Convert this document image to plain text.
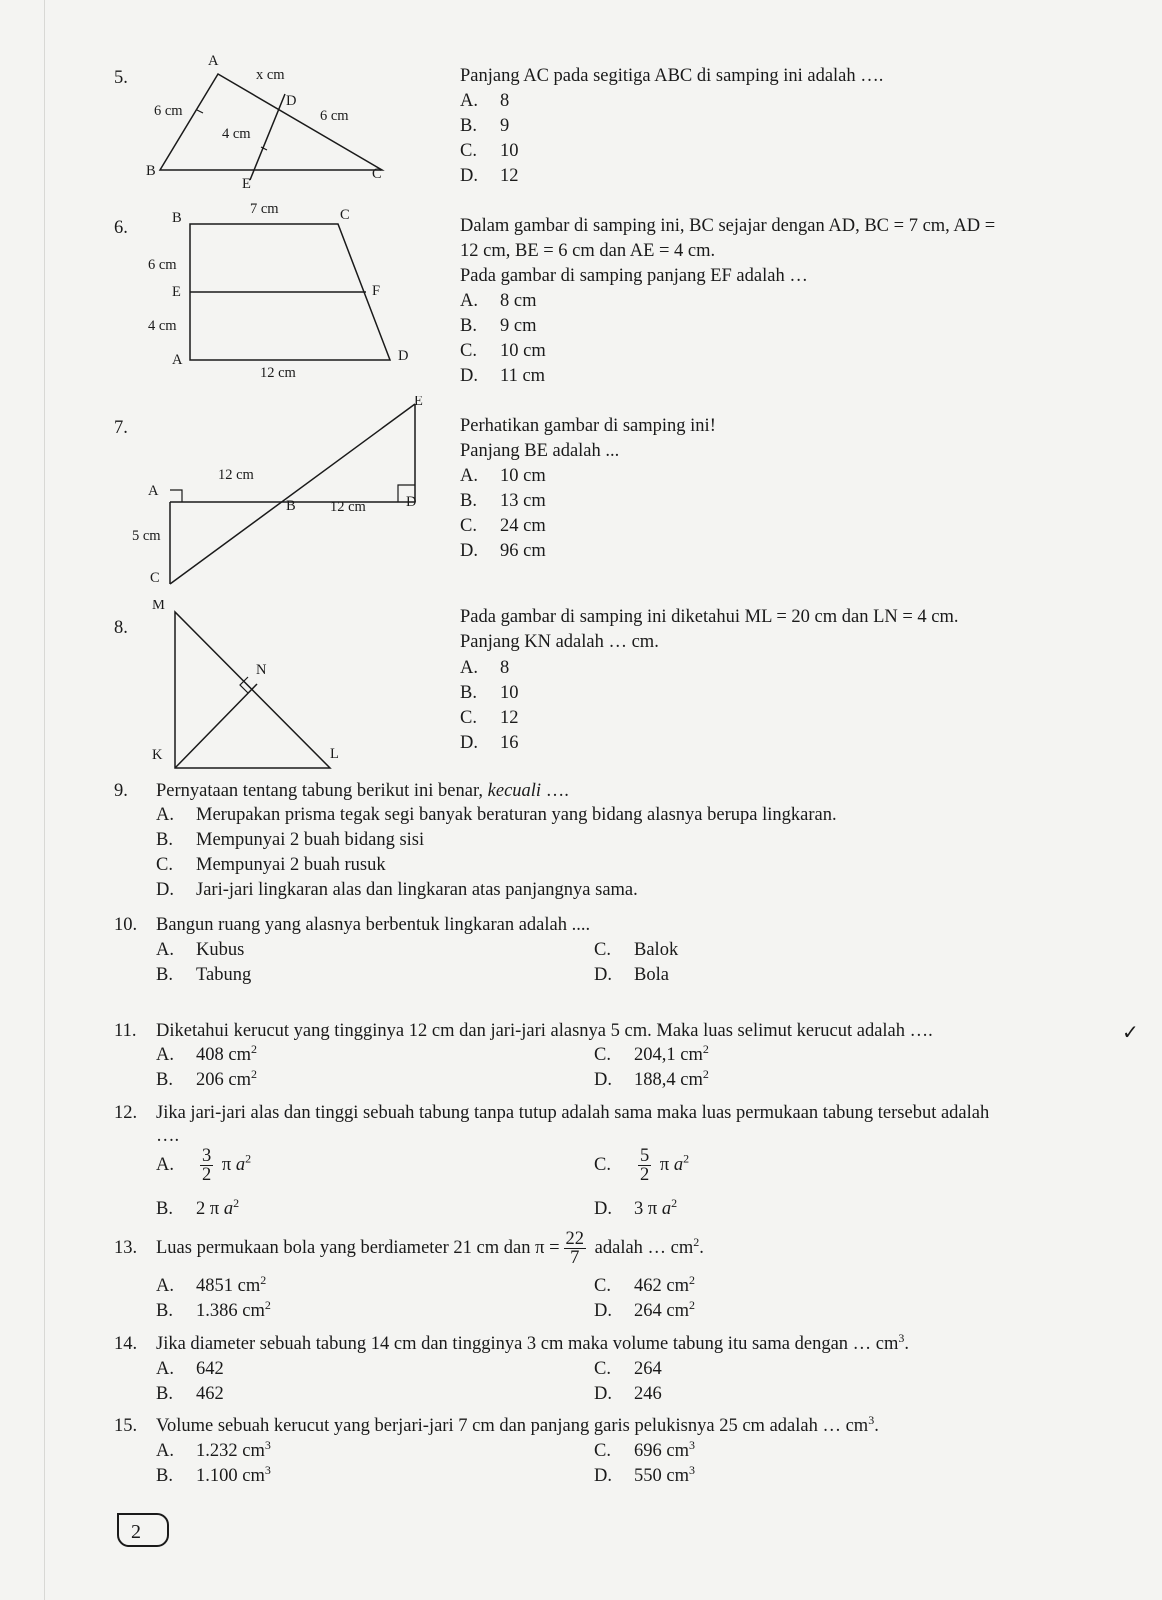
5.
A
B	C
D
E
6 cm
x cm
6 cm
4 cm
Panjang AC pada segitiga ABC di samping ini adalah ….
A. 8
B. 9
C. 10
D. 12
6.	B	C
E	F
A	D
7 cm
6 cm
4 cm
12 cm
Dalam gambar di samping ini, BC sejajar dengan AD, BC = 7 cm, AD =
12 cm, BE = 6 cm dan AE = 4 cm.
Pada gambar di samping panjang EF adalah …
A. 8 cm
B. 9 cm
C. 10 cm
D. 11 cm
7.
A
B
C
D
E
12 cm
12 cm
5 cm
Perhatikan gambar di samping ini!
Panjang BE adalah ...
A. 10 cm
B. 13 cm
C. 24 cm
D. 96 cm
8.
M
N
K	L
Pada gambar di samping ini diketahui ML = 20 cm dan LN = 4 cm.
Panjang KN adalah … cm.
A. 8
B. 10
C. 12
D. 16
9. Pernyataan tentang tabung berikut ini benar, kecuali ….
A. Merupakan prisma tegak segi banyak beraturan yang bidang alasnya berupa lingkaran.
B. Mempunyai 2 buah bidang sisi
C. Mempunyai 2 buah rusuk
D. Jari-jari lingkaran alas dan lingkaran atas panjangnya sama.
10. Bangun ruang yang alasnya berbentuk lingkaran adalah ....
A. Kubus
B. Tabung
C. Balok
D. Bola
11. Diketahui kerucut yang tingginya 12 cm dan jari-jari alasnya 5 cm. Maka luas selimut kerucut adalah ….
A. 408 $cm^2$
B. 206 $cm^2$
C. 204,1 $cm^2$
D. 188,4 $cm^2$
✓
12. Jika jari-jari alas dan tinggi sebuah tabung tanpa tutup adalah sama maka luas permukaan tabung tersebut adalah
….
A. $\frac{3}{2}$ π $a^2$
B. 2 π $a^2$
C. $\frac{5}{2}$ π $a^2$
D. 3 π $a^2$
13. Luas permukaan bola yang berdiameter 21 cm dan $\pi = \frac{22}{7}$ adalah … $cm^2$.
A. 4851 $cm^2$
B. 1.386 $cm^2$
C. 462 $cm^2$
D. 264 $cm^2$
14. Jika diameter sebuah tabung 14 cm dan tingginya 3 cm maka volume tabung itu sama dengan … $cm^3$.
A. 642
B. 462
C. 264
D. 246
15. Volume sebuah kerucut yang berjari-jari 7 cm dan panjang garis pelukisnya 25 cm adalah … $cm^3$.
A. 1.232 $cm^3$
B. 1.100 $cm^3$
C. 696 $cm^3$
D. 550 $cm^3$
2
